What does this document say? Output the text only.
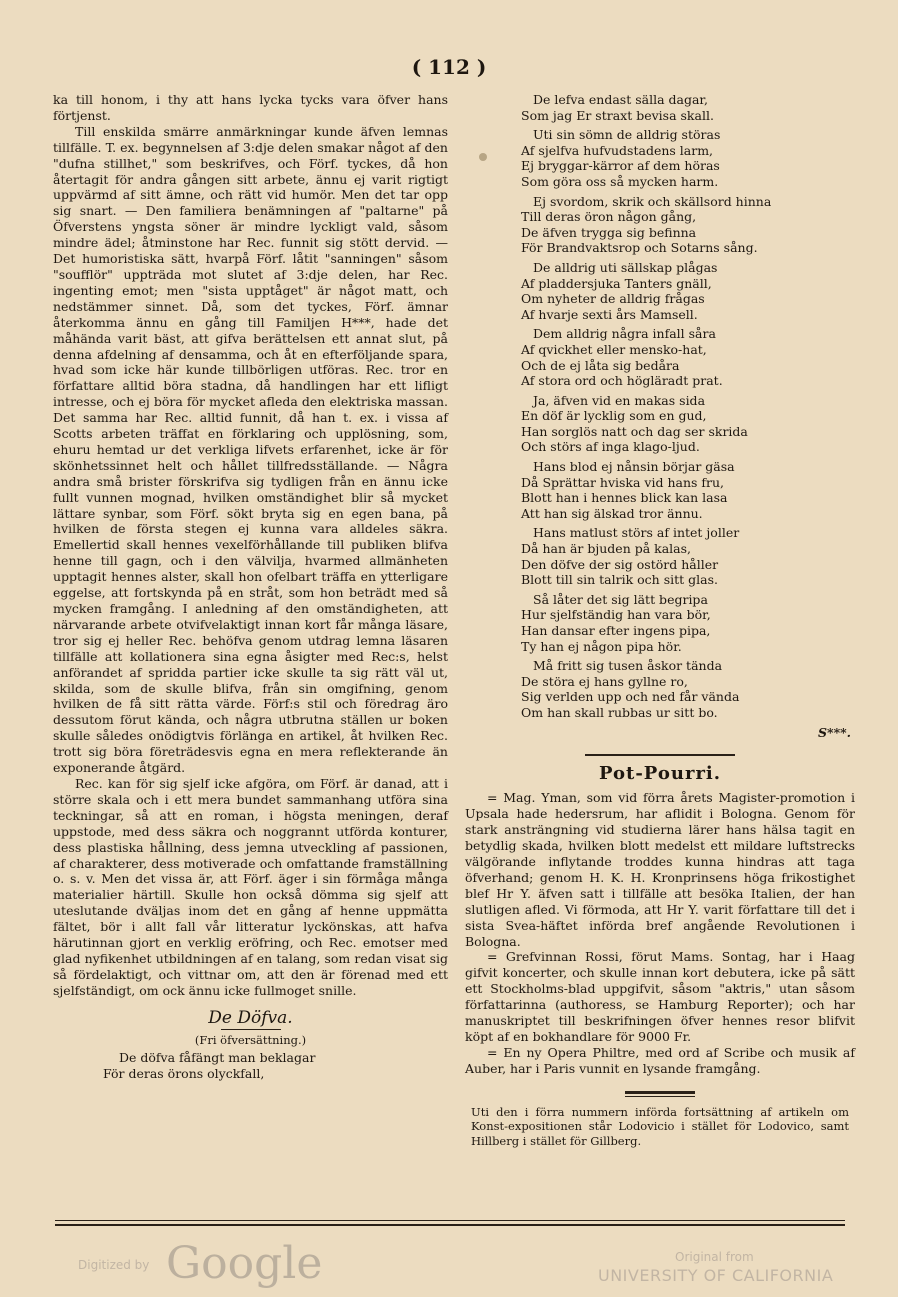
( 112 )

ka till honom, i thy att hans lycka tycks vara öfver hans förtjenst.

Till enskilda smärre anmärkningar kunde äfven lemnas tillfälle. T. ex. begynnelsen af 3:dje delen smakar något af den "dufna stillhet," som beskrifves, och Förf. tyckes, då hon återtagit för andra gången sitt arbete, ännu ej varit rigtigt uppvärmd af sitt ämne, och rätt vid humör. Men det tar opp sig snart. — Den familiera benämningen af "paltarne" på Öfverstens yngsta söner är mindre lyckligt vald, såsom mindre ädel; åtminstone har Rec. funnit sig stött dervid. — Det humoristiska sätt, hvarpå Förf. låtit "sanningen" såsom "soufflör" uppträda mot slutet af 3:dje delen, har Rec. ingenting emot; men "sista upptåget" är något matt, och nedstämmer sinnet. Då, som det tyckes, Förf. ämnar återkomma ännu en gång till Familjen H***, hade det måhända varit bäst, att gifva berättelsen ett annat slut, på denna afdelning af densamma, och åt en efterföljande spara, hvad som icke här kunde tillbörligen utföras. Rec. tror en författare alltid böra stadna, då handlingen har ett lifligt intresse, och ej böra för mycket afleda den elektriska massan. Det samma har Rec. alltid funnit, då han t. ex. i vissa af Scotts arbeten träffat en förklaring och upplösning, som, ehuru hemtad ur det verkliga lifvets erfarenhet, icke är för skönhetssinnet helt och hållet tillfredsställande. — Några andra små brister förskrifva sig tydligen från en ännu icke fullt vunnen mognad, hvilken omständighet blir så mycket lättare synbar, som Förf. sökt bryta sig en egen bana, på hvilken de första stegen ej kunna vara alldeles säkra. Emellertid skall hennes vexelförhållande till publiken blifva henne till gagn, och i den välvilja, hvarmed allmänheten upptagit hennes alster, skall hon ofelbart träffa en ytterligare eggelse, att fortskynda på en stråt, som hon beträdt med så mycken framgång. I anledning af den omständigheten, att närvarande arbete otvifvelaktigt innan kort får många läsare, tror sig ej heller Rec. behöfva genom utdrag lemna läsaren tillfälle att kollationera sina egna åsigter med Rec:s, helst anförandet af spridda partier icke skulle ta sig rätt väl ut, skilda, som de skulle blifva, från sin omgifning, genom hvilken de få sitt rätta värde. Förf:s stil och föredrag äro dessutom förut kända, och några utbrutna ställen ur boken skulle således onödigtvis förlänga en artikel, åt hvilken Rec. trott sig böra företrädesvis egna en mera reflekterande än exponerande åtgärd.

Rec. kan för sig sjelf icke afgöra, om Förf. är danad, att i större skala och i ett mera bundet sammanhang utföra sina teckningar, så att en roman, i högsta meningen, deraf uppstode, med dess säkra och noggrannt utförda konturer, dess plastiska hållning, dess jemna utveckling af passionen, af charakterer, dess motiverade och omfattande framställning o. s. v. Men det vissa är, att Förf. äger i sin förmåga många materialier härtill. Skulle hon också dömma sig sjelf att uteslutande dväljas inom det en gång af henne uppmätta fältet, bör i allt fall vår litteratur lyckönskas, att hafva härutinnan gjort en verklig eröfring, och Rec. emotser med glad nyfikenhet utbildningen af en talang, som redan visat sig så fördelaktigt, och vittnar om, att den är förenad med ett sjelfständigt, om ock ännu icke fullmoget snille.

De Döfva.
(Fri öfversättning.)

De döfva fåfängt man beklagar

För deras örons olyckfall,

De lefva endast sälla dagar,
Som jag Er straxt bevisa skall.
Uti sin sömn de alldrig störas
Af sjelfva hufvudstadens larm,
Ej bryggar-kärror af dem höras
Som göra oss så mycken harm.
Ej svordom, skrik och skällsord hinna
Till deras öron någon gång,
De äfven trygga sig befinna
För Brandvaktsrop och Sotarns sång.
De alldrig uti sällskap plågas
Af pladdersjuka Tanters gnäll,
Om nyheter de alldrig frågas
Af hvarje sexti års Mamsell.
Dem alldrig några infall såra
Af qvickhet eller mensko-hat,
Och de ej låta sig bedåra
Af stora ord och högläradt prat.
Ja, äfven vid en makas sida
En döf är lycklig som en gud,
Han sorglös natt och dag ser skrida
Och störs af inga klago-ljud.
Hans blod ej nånsin börjar gäsa
Då Sprättar hviska vid hans fru,
Blott han i hennes blick kan lasa
Att han sig älskad tror ännu.
Hans matlust störs af intet joller
Då han är bjuden på kalas,
Den döfve der sig ostörd håller
Blott till sin talrik och sitt glas.
Så låter det sig lätt begripa
Hur sjelfständig han vara bör,
Han dansar efter ingens pipa,
Ty han ej någon pipa hör.
Må fritt sig tusen åskor tända
De störa ej hans gyllne ro,
Sig verlden upp och ned får vända
Om han skall rubbas ur sitt bo.
S***.
Pot-Pourri.

= Mag. Yman, som vid förra årets Magister-promotion i Upsala hade hedersrum, har aflidit i Bologna. Genom för stark ansträngning vid studierna lärer hans hälsa tagit en betydlig skada, hvilken blott medelst ett mildare luftstrecks välgörande inflytande troddes kunna hindras att taga öfverhand; genom H. K. H. Kronprinsens höga frikostighet blef Hr Y. äfven satt i tillfälle att besöka Italien, der han slutligen afled. Vi förmoda, att Hr Y. varit författare till det i sista Svea-häftet införda bref angående Revolutionen i Bologna.

= Grefvinnan Rossi, förut Mams. Sontag, har i Haag gifvit koncerter, och skulle innan kort debutera, icke på sätt ett Stockholms-blad uppgifvit, såsom "aktris," utan såsom författarinna (authoress, se Hamburg Reporter); och har manuskriptet till beskrifningen öfver hennes resor blifvit köpt af en bokhandlare för 9000 Fr.

= En ny Opera Philtre, med ord af Scribe och musik af Auber, har i Paris vunnit en lysande framgång.

Uti den i förra nummern införda fortsättning af artikeln om Konst-expositionen står Lodovicio i stället för Lodovico, samt Hillberg i stället för Gillberg.
Digitized by Google	Original from
UNIVERSITY OF CALIFORNIA
